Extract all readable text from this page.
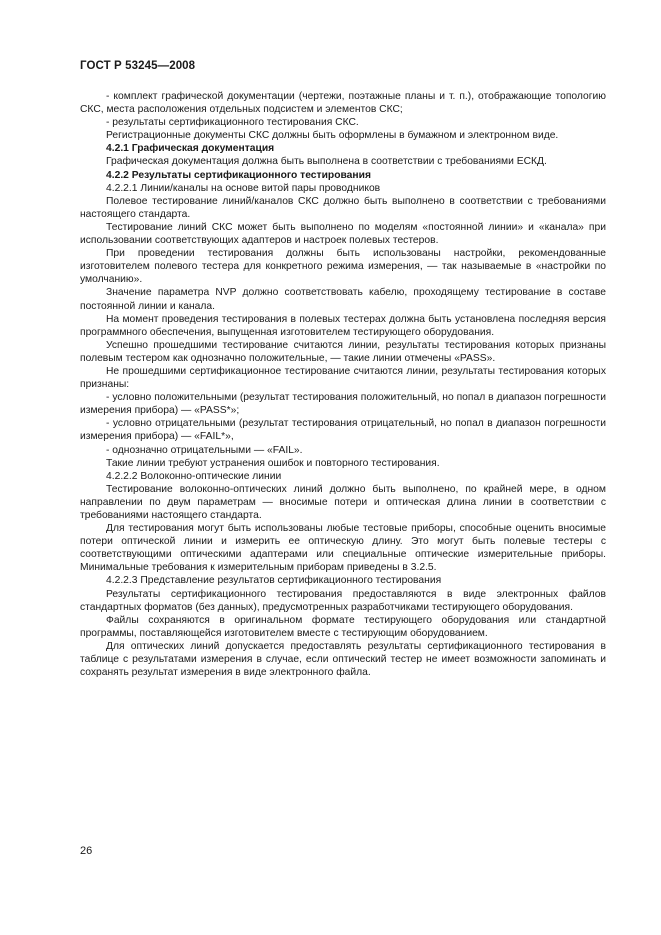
ГОСТ Р 53245—2008

- комплект графической документации (чертежи, поэтажные планы и т. п.), отображающие топологию СКС, места расположения отдельных подсистем и элементов СКС;

- результаты сертификационного тестирования СКС.

Регистрационные документы СКС должны быть оформлены в бумажном и электронном виде.

4.2.1 Графическая документация

Графическая документация должна быть выполнена в соответствии с требованиями ЕСКД.

4.2.2 Результаты сертификационного тестирования

4.2.2.1 Линии/каналы на основе витой пары проводников

Полевое тестирование линий/каналов СКС должно быть выполнено в соответствии с требованиями настоящего стандарта.

Тестирование линий СКС может быть выполнено по моделям «постоянной линии» и «канала» при использовании соответствующих адаптеров и настроек полевых тестеров.

При проведении тестирования должны быть использованы настройки, рекомендованные изготовителем полевого тестера для конкретного режима измерения, — так называемые в «настройки по умолчанию».

Значение параметра NVP должно соответствовать кабелю, проходящему тестирование в составе постоянной линии и канала.

На момент проведения тестирования в полевых тестерах должна быть установлена последняя версия программного обеспечения, выпущенная изготовителем тестирующего оборудования.

Успешно прошедшими тестирование считаются линии, результаты тестирования которых признаны полевым тестером как однозначно положительные, — такие линии отмечены «PASS».

Не прошедшими сертификационное тестирование считаются линии, результаты тестирования которых признаны:

- условно положительными (результат тестирования положительный, но попал в диапазон погрешности измерения прибора) — «PASS*»;

- условно отрицательными (результат тестирования отрицательный, но попал в диапазон погрешности измерения прибора) — «FAIL*»,

- однозначно отрицательными — «FAIL».

Такие линии требуют устранения ошибок и повторного тестирования.

4.2.2.2 Волоконно-оптические линии

Тестирование волоконно-оптических линий должно быть выполнено, по крайней мере, в одном направлении по двум параметрам — вносимые потери и оптическая длина линии в соответствии с требованиями настоящего стандарта.

Для тестирования могут быть использованы любые тестовые приборы, способные оценить вносимые потери оптической линии и измерить ее оптическую длину. Это могут быть полевые тестеры с соответствующими оптическими адаптерами или специальные оптические измерительные приборы. Минимальные требования к измерительным приборам приведены в 3.2.5.

4.2.2.3 Представление результатов сертификационного тестирования

Результаты сертификационного тестирования предоставляются в виде электронных файлов стандартных форматов (без данных), предусмотренных разработчиками тестирующего оборудования.

Файлы сохраняются в оригинальном формате тестирующего оборудования или стандартной программы, поставляющейся изготовителем вместе с тестирующим оборудованием.

Для оптических линий допускается предоставлять результаты сертификационного тестирования в таблице с результатами измерения в случае, если оптический тестер не имеет возможности запоминать и сохранять результат измерения в виде электронного файла.

26
